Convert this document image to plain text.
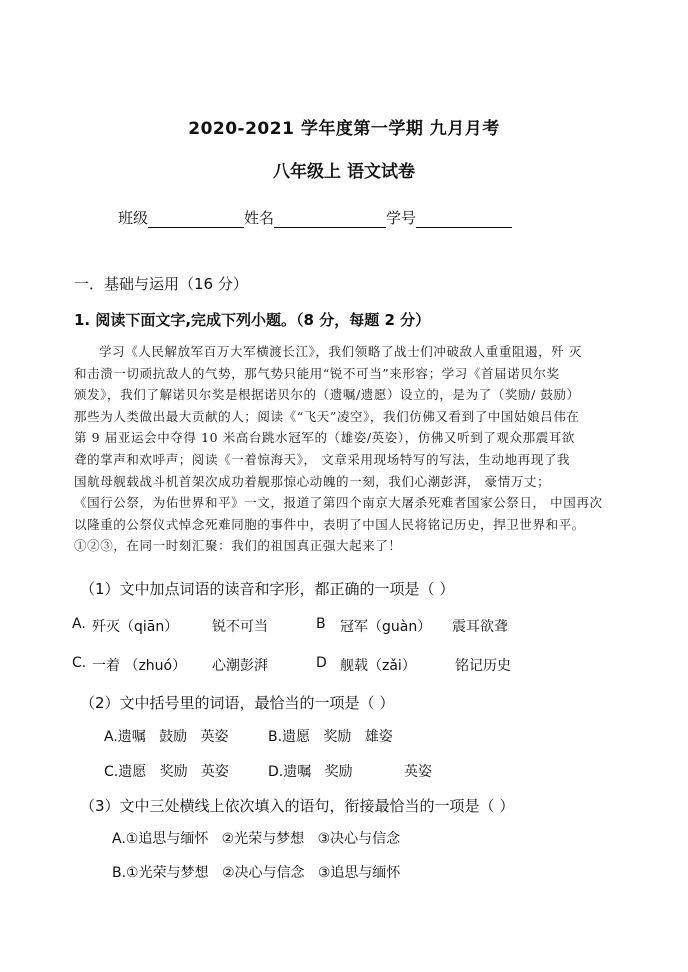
2020-2021 学年度第一学期 九月月考
八年级上 语文试卷
班级	姓名	学号
一．基础与运用（16 分）
1. 阅读下面文字,完成下列小题。（8 分，每题 2 分）

学习《人民解放军百万大军横渡长江》，我们领略了战士们冲破敌人重重阻遏，歼 灭

和击溃一切顽抗敌人的气势，那气势只能用“锐不可当”来形容；学习《首届诺贝尔奖

颁发》，我们了解诺贝尔奖是根据诺贝尔的（遗嘱/遗愿）设立的，是为了（奖励/ 鼓励）

那些为人类做出最大贡献的人；阅读《“飞天”凌空》，我们仿佛又看到了中国姑娘吕伟在

第 9 届亚运会中夺得 10 米高台跳水冠军的（雄姿/英姿），仿佛又听到了观众那震耳欲

聋的掌声和欢呼声；阅读《一着惊海天》， 文章采用现场特写的写法，生动地再现了我

国航母舰载战斗机首架次成功着舰那惊心动魄的一刻，我们心潮彭湃， 豪情万丈；

《国行公祭，为佑世界和平》一文，报道了第四个南京大屠杀死难者国家公祭日， 中国再次

以隆重的公祭仪式悼念死难同胞的事件中，表明了中国人民将铭记历史，捍卫世界和平。

①②③，在同一时刻汇聚：我们的祖国真正强大起来了！

（1）文中加点词语的读音和字形，都正确的一项是（ ）
A. 歼灭（qiān） 锐不可当	B 冠军（guàn） 震耳欲聋
C. 一着 （zhuó） 心潮彭湃	D 舰载（zǎi）	铭记历史
（2）文中括号里的词语，最恰当的一项是（ ）
A.遗嘱   鼓励   英姿	B.遗愿   奖励   雄姿
C.遗愿   奖励   英姿	D.遗嘱   奖励	英姿
（3）文中三处横线上依次填入的语句，衔接最恰当的一项是（ ）
A.①追思与缅怀   ②光荣与梦想   ③决心与信念
B.①光荣与梦想   ②决心与信念   ③追思与缅怀
